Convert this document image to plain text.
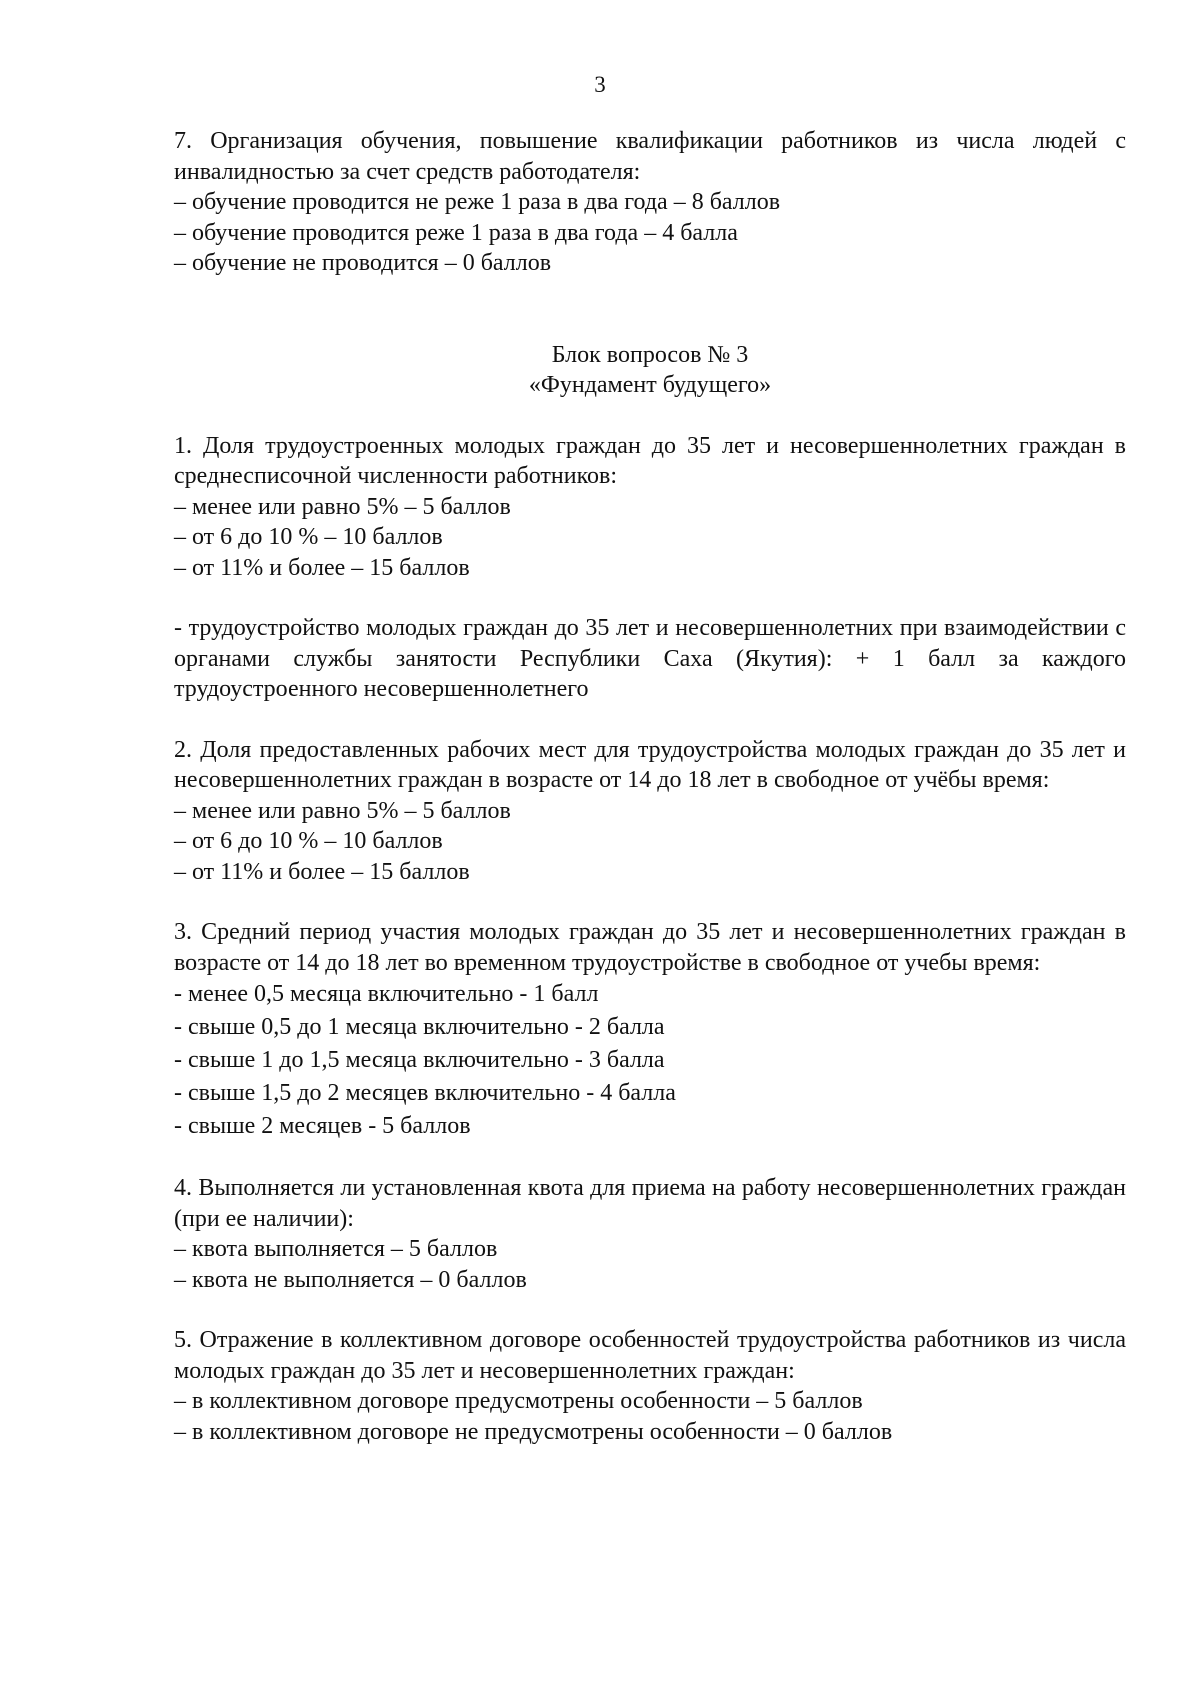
3

7. Организация обучения, повышение квалификации работников из числа людей с инвалидностью за счет средств работодателя:

– обучение проводится не реже 1 раза в два года – 8 баллов
– обучение проводится реже 1 раза в два года – 4 балла
– обучение не проводится – 0 баллов
Блок вопросов № 3
«Фундамент будущего»

1. Доля трудоустроенных молодых граждан до 35 лет и несовершеннолетних граждан в среднесписочной численности работников:

– менее или равно 5% – 5 баллов
– от 6 до 10 % – 10 баллов
– от 11% и более – 15 баллов

- трудоустройство молодых граждан до 35 лет и несовершеннолетних при взаимодействии с органами службы занятости Республики Саха (Якутия): + 1 балл за каждого трудоустроенного несовершеннолетнего

2. Доля предоставленных рабочих мест для трудоустройства молодых граждан до 35 лет и несовершеннолетних граждан в возрасте от 14 до 18 лет в свободное от учёбы время:

– менее или равно 5% – 5 баллов
– от 6 до 10 % – 10 баллов
– от 11% и более – 15 баллов

3. Средний период участия молодых граждан до 35 лет и несовершеннолетних граждан в возрасте от 14 до 18 лет во временном трудоустройстве в свободное от учебы время:

- менее 0,5 месяца включительно - 1 балл
- свыше 0,5 до 1 месяца включительно - 2 балла
- свыше 1 до 1,5 месяца включительно - 3 балла
- свыше 1,5 до 2 месяцев включительно - 4 балла
- свыше 2 месяцев - 5 баллов

4. Выполняется ли установленная квота для приема на работу несовершеннолетних граждан (при ее наличии):

– квота выполняется – 5 баллов
– квота не выполняется – 0 баллов

5. Отражение в коллективном договоре особенностей трудоустройства работников из числа молодых граждан до 35 лет и несовершеннолетних граждан:

– в коллективном договоре предусмотрены особенности – 5 баллов
– в коллективном договоре не предусмотрены особенности – 0 баллов
